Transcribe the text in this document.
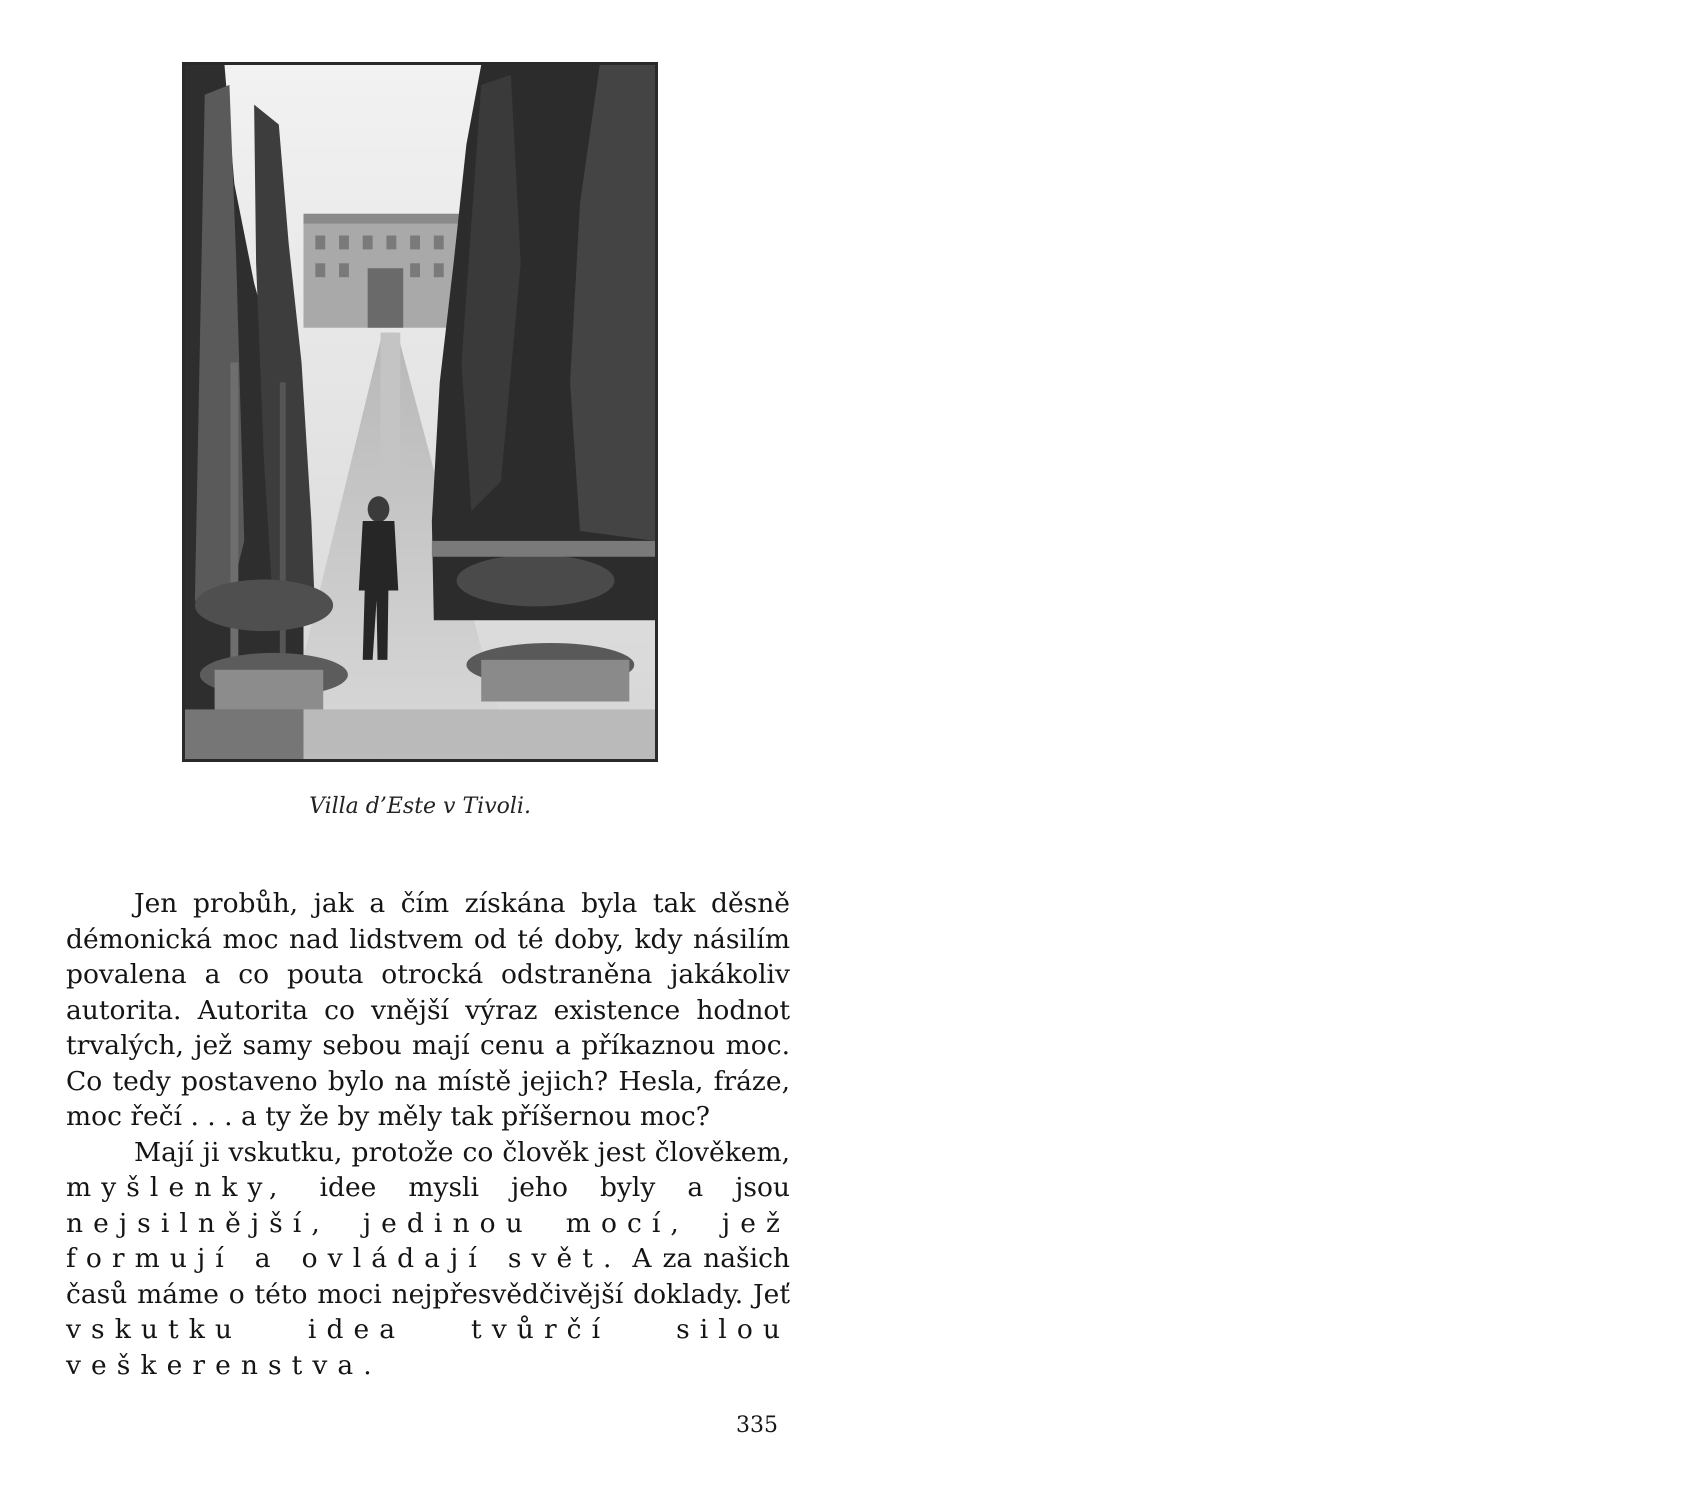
Villa d’Este v Tivoli.

Jen probůh, jak a čím získána byla tak děsně démonická moc nad lidstvem od té doby, kdy násilím povalena a co pouta otrocká odstraněna jakákoliv autorita. Autorita co vnější výraz existence hodnot trvalých, jež samy sebou mají cenu a příkaznou moc. Co tedy postaveno bylo na místě jejich? Hesla, fráze, moc řečí . . . a ty že by měly tak příšernou moc?

Mají ji vskutku, protože co člověk jest člověkem, myšlenky, idee mysli jeho byly a jsou nejsilnější, jedinou mocí, jež formují a ovládají svět. A za našich časů máme o této moci nejpřesvědčivější doklady. Jeť vskutku idea tvůrčí silou veškerenstva.

335
